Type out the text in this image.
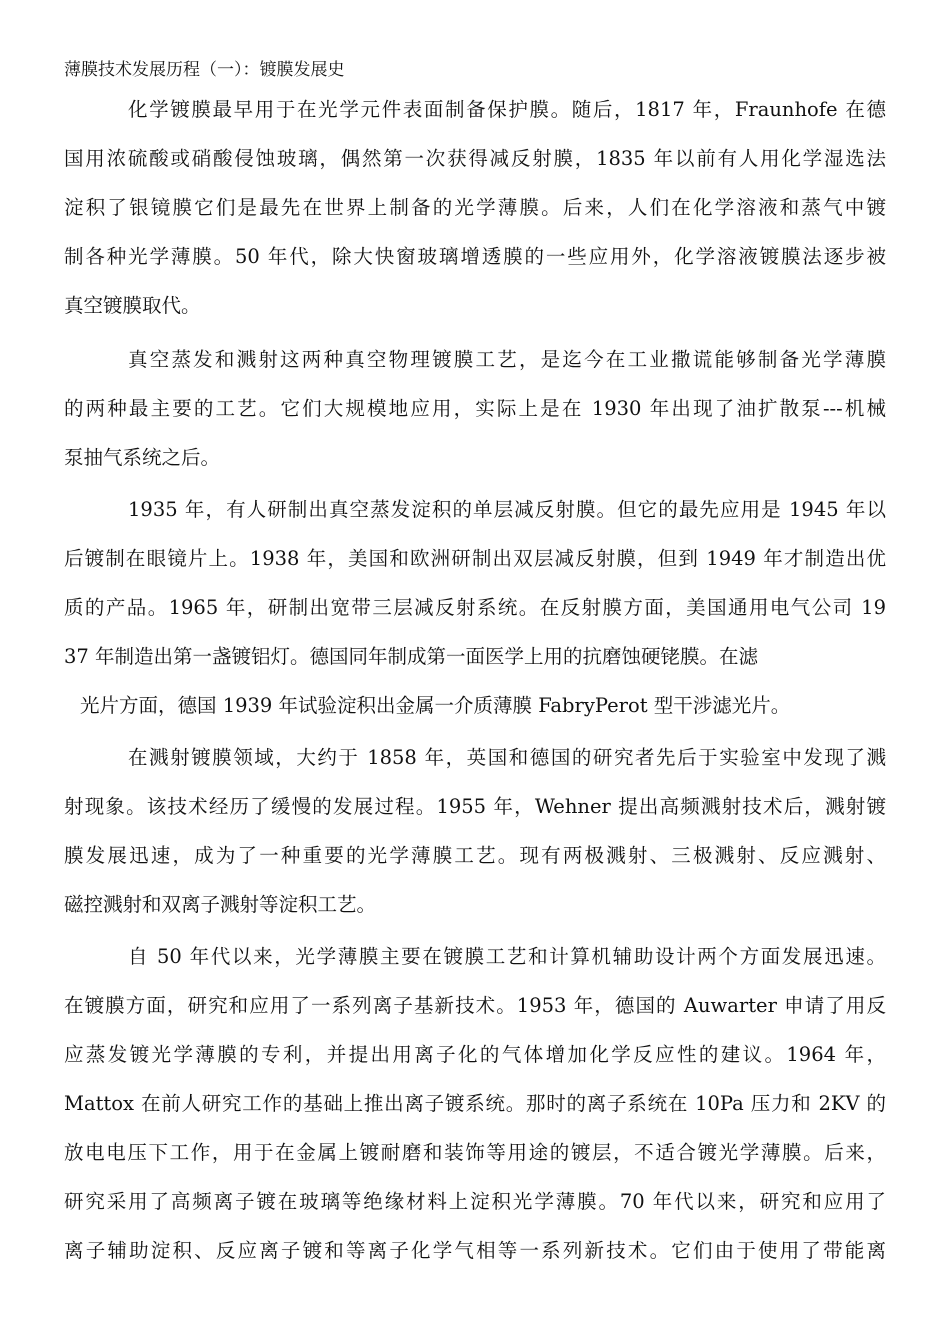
薄膜技术发展历程（一）：镀膜发展史
化学镀膜最早用于在光学元件表面制备保护膜。随后，1817 年，Fraunhofe 在德
国用浓硫酸或硝酸侵蚀玻璃，偶然第一次获得减反射膜，1835 年以前有人用化学湿选法
淀积了银镜膜它们是最先在世界上制备的光学薄膜。后来，人们在化学溶液和蒸气中镀
制各种光学薄膜。50 年代，除大快窗玻璃增透膜的一些应用外，化学溶液镀膜法逐步被
真空镀膜取代。
真空蒸发和溅射这两种真空物理镀膜工艺，是迄今在工业撒谎能够制备光学薄膜
的两种最主要的工艺。它们大规模地应用，实际上是在 1930 年出现了油扩散泵---机械
泵抽气系统之后。
1935 年，有人研制出真空蒸发淀积的单层减反射膜。但它的最先应用是 1945 年以
后镀制在眼镜片上。1938 年，美国和欧洲研制出双层减反射膜，但到 1949 年才制造出优
质的产品。1965 年，研制出宽带三层减反射系统。在反射膜方面，美国通用电气公司 19
37 年制造出第一盏镀铝灯。德国同年制成第一面医学上用的抗磨蚀硬铑膜。在滤
光片方面，德国 1939 年试验淀积出金属一介质薄膜 FabryPerot 型干涉滤光片。
在溅射镀膜领域，大约于 1858 年，英国和德国的研究者先后于实验室中发现了溅
射现象。该技术经历了缓慢的发展过程。1955 年，Wehner 提出高频溅射技术后，溅射镀
膜发展迅速，成为了一种重要的光学薄膜工艺。现有两极溅射、三极溅射、反应溅射、
磁控溅射和双离子溅射等淀积工艺。
自 50 年代以来，光学薄膜主要在镀膜工艺和计算机辅助设计两个方面发展迅速。
在镀膜方面，研究和应用了一系列离子基新技术。1953 年，德国的 Auwarter 申请了用反
应蒸发镀光学薄膜的专利，并提出用离子化的气体增加化学反应性的建议。1964 年，
Mattox 在前人研究工作的基础上推出离子镀系统。那时的离子系统在 10Pa 压力和 2KV 的
放电电压下工作，用于在金属上镀耐磨和装饰等用途的镀层，不适合镀光学薄膜。后来，
研究采用了高频离子镀在玻璃等绝缘材料上淀积光学薄膜。70 年代以来，研究和应用了
离子辅助淀积、反应离子镀和等离子化学气相等一系列新技术。它们由于使用了带能离
